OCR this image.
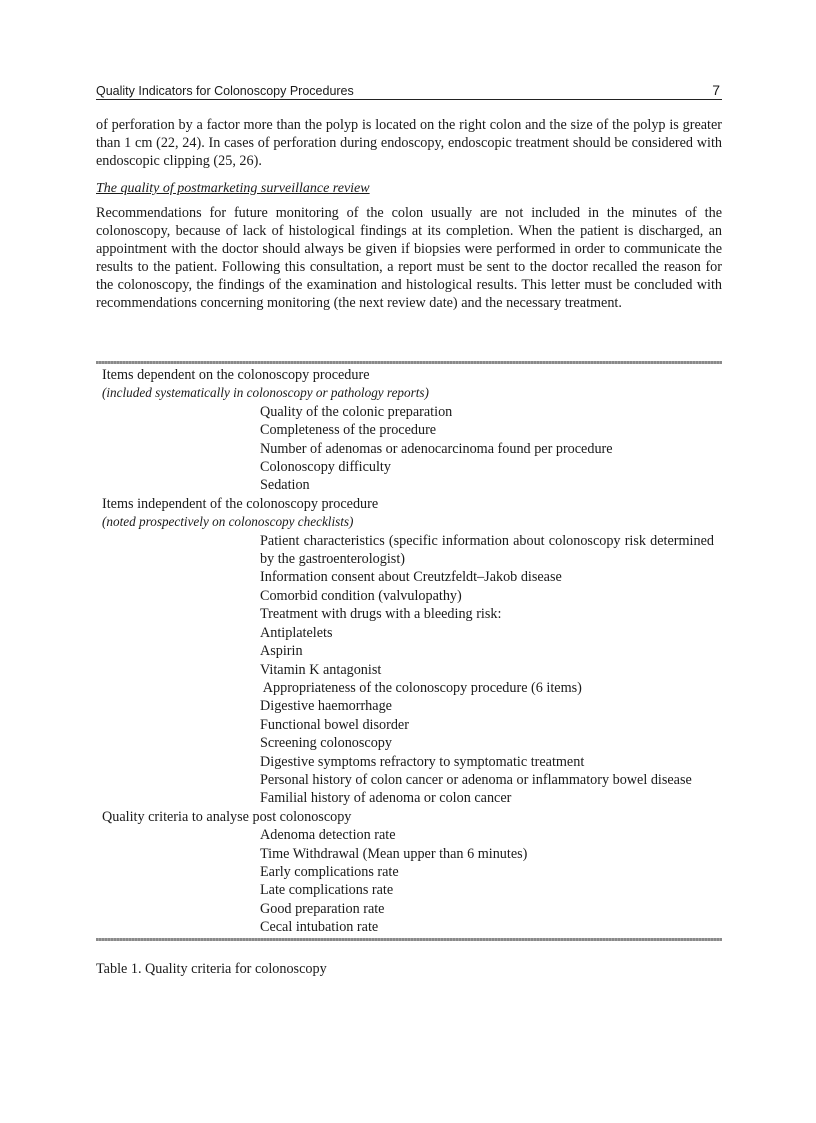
Quality Indicators for Colonoscopy Procedures	7

of perforation by a factor more than the polyp is located on the right colon and the size of the polyp is greater than 1 cm (22, 24). In cases of perforation during endoscopy, endoscopic treatment should be considered with endoscopic clipping (25, 26).

The quality of postmarketing surveillance review

Recommendations for future monitoring of the colon usually are not included in the minutes of the colonoscopy, because of lack of histological findings at its completion. When the patient is discharged, an appointment with the doctor should always be given if biopsies were performed in order to communicate the results to the patient. Following this consultation, a report must be sent to the doctor recalled the reason for the colonoscopy, the findings of the examination and histological results. This letter must be concluded with recommendations concerning monitoring (the next review date) and the necessary treatment.

Items dependent on the colonoscopy procedure
(included systematically in colonoscopy or pathology reports)
Quality of the colonic preparation
Completeness of the procedure
Number of adenomas or adenocarcinoma found per procedure
Colonoscopy difficulty
Sedation
Items independent of the colonoscopy procedure
(noted prospectively on colonoscopy checklists)
Patient characteristics (specific information about colonoscopy risk determined by the gastroenterologist)
Information consent about Creutzfeldt–Jakob disease
Comorbid condition (valvulopathy)
Treatment with drugs with a bleeding risk:
Antiplatelets
Aspirin
Vitamin K antagonist
Appropriateness of the colonoscopy procedure (6 items)
Digestive haemorrhage
Functional bowel disorder
Screening colonoscopy
Digestive symptoms refractory to symptomatic treatment
Personal history of colon cancer or adenoma or inflammatory bowel disease
Familial history of adenoma or colon cancer
Quality criteria to analyse post colonoscopy
Adenoma detection rate
Time Withdrawal (Mean upper than 6 minutes)
Early complications rate
Late complications rate
Good preparation rate
Cecal intubation rate
Table 1. Quality criteria for colonoscopy
